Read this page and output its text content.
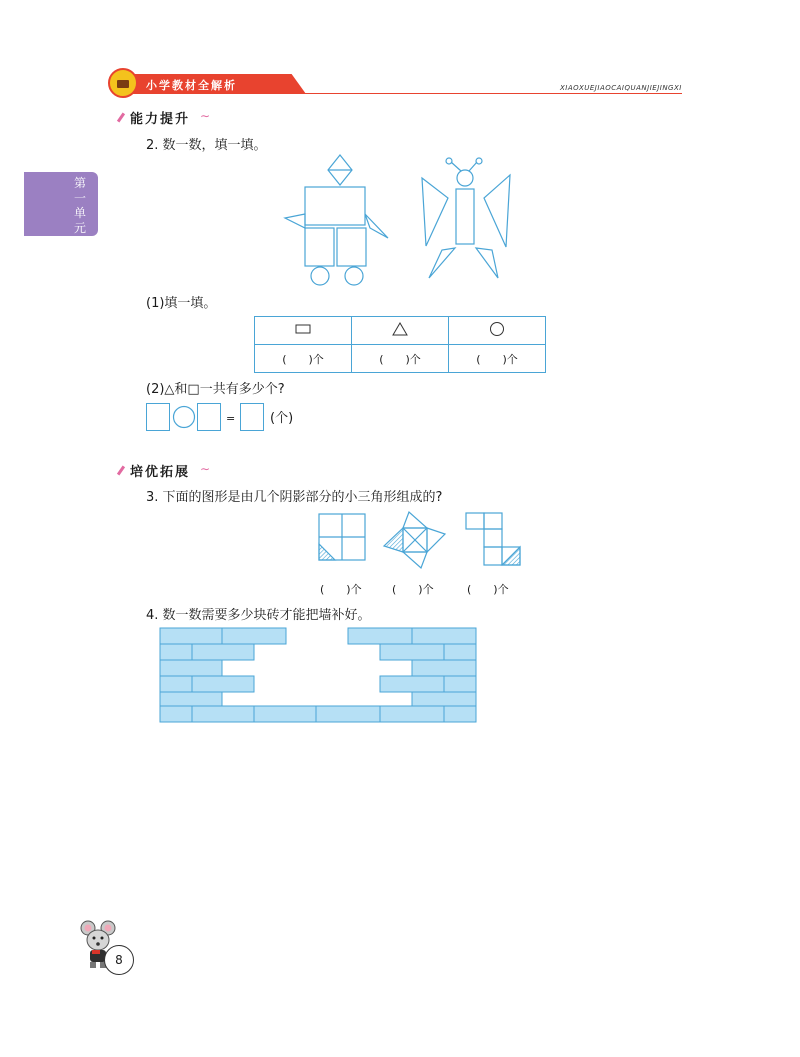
小学教材全解析	XIAOXUEJIAOCAIQUANJIEJINGXI
第一单元
能力提升 ∼
2. 数一数，填一填。
(1)填一填。

(　　)个	(　　)个	(　　)个
(2)△和□一共有多少个?
=	(个)
培优拓展 ∼
3. 下面的图形是由几个阴影部分的小三角形组成的?
(　　)个	(　　)个	(　　)个
4. 数一数需要多少块砖才能把墙补好。
8
